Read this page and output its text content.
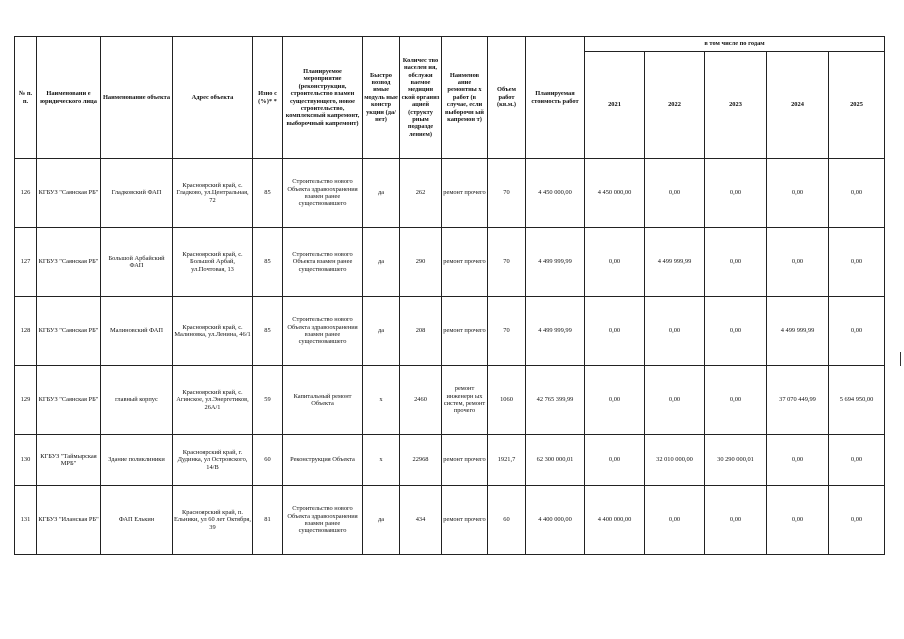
№ п. п.	Наименовани е юридического лица	Наименование объекта	Адрес объекта	Изно с (%)* *	Планируемое мероприятие (реконструкция, строительство взамен существующего, новое строительство, комплексный капремонт, выборочный капремонт)	Быстро возвод имые модуль ные констр укции (да/нет)	Количес тво населен ия, обслужи ваемое медицин ской организ ацией (структу рным подразде лением)	Наименов ание ремонтны х работ (в случае, если выборочн ый капремон т)	Объем работ (кв.м.)	Планируемая стоимость работ	в том числе по годам				
											2021	2022	2023	2024	2025
126	КГБУЗ "Саянская РБ"	Гладковский ФАП	Красноярский край, с. Гладково, ул.Центральная, 72	85	Строительство нового Объекта здравоохранения взамен ранее существовавшего	да	262	ремонт прочего	70	4 450 000,00	4 450 000,00	0,00	0,00	0,00	0,00
127	КГБУЗ "Саянская РБ"	Большой Арбайский ФАП	Красноярский край, с. Большой Арбай, ул.Почтовая, 13	85	Строительство нового Объекта взамен ранее существовавшего	да	290	ремонт прочего	70	4 499 999,99	0,00	4 499 999,99	0,00	0,00	0,00
128	КГБУЗ "Саянская РБ"	Малиновский ФАП	Красноярский край, с. Малиновка, ул.Ленина, 46/1	85	Строительство нового Объекта здравоохранения взамен ранее существовавшего	да	208	ремонт прочего	70	4 499 999,99	0,00	0,00	0,00	4 499 999,99	0,00
129	КГБУЗ "Саянская РБ"	главный корпус	Красноярский край, с. Агинское, ул.Энергетиков, 26А/1	59	Капитальный ремонт Объекта	х	2460	ремонт инженерн ых систем, ремонт прочего	1060	42 765 399,99	0,00	0,00	0,00	37 070 449,99	5 694 950,00
130	КГБУЗ "Таймырская МРБ"	Здание поликлиники	Красноярский край, г. Дудинка, ул Островского, 14/В	60	Реконструкция Объекта	х	22968	ремонт прочего	1921,7	62 300 000,01	0,00	32 010 000,00	30 290 000,01	0,00	0,00
131	КГБУЗ "Иланская РБ"	ФАП Елькин	Красноярский край, п. Ельники, ул 60 лет Октября, 39	81	Строительство нового Объекта здравоохранения взамен ранее существовавшего	да	434	ремонт прочего	60	4 400 000,00	4 400 000,00	0,00	0,00	0,00	0,00
